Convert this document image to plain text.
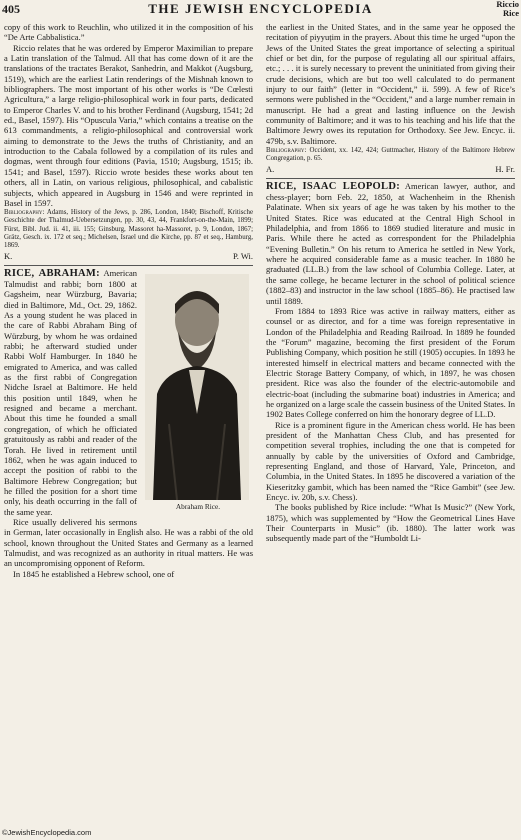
405	THE JEWISH ENCYCLOPEDIA	Riccio
Rice

copy of this work to Reuchlin, who utilized it in the composition of his “De Arte Cabbalistica.”

Riccio relates that he was ordered by Emperor Maximilian to prepare a Latin translation of the Talmud. All that has come down of it are the translations of the tractates Berakot, Sanhedrin, and Makkot (Augsburg, 1519), which are the earliest Latin renderings of the Mishnah known to bibliographers. The most important of his other works is “De Cœlesti Agricultura,” a large religio-philosophical work in four parts, dedicated to Emperor Charles V. and to his brother Ferdinand (Augsburg, 1541; 2d ed., Basel, 1597). His “Opuscula Varia,” which contains a treatise on the 613 commandments, a religio-philosophical and controversial work aiming to demonstrate to the Jews the truths of Christianity, and an introduction to the Cabala followed by a compilation of its rules and dogmas, went through four editions (Pavia, 1510; Augsburg, 1515; ib. 1541; and Basel, 1597). Riccio wrote besides these works about ten others, all in Latin, on various religious, philosophical, and cabalistic subjects, which appeared in Augsburg in 1546 and were reprinted in Basel in 1597.

Bibliography: Adams, History of the Jews, p. 286, London, 1840; Bischoff, Kritische Geschichte der Thalmud-Uebersetzungen, pp. 30, 43, 44, Frankfort-on-the-Main, 1899; Fürst, Bibl. Jud. ii. 41, iii. 155; Ginsburg, Massoret ha-Massoret, p. 9, London, 1867; Grätz, Gesch. ix. 172 et seq.; Michelsen, Israel und die Kirche, pp. 87 et seq., Hamburg, 1869.

K.	P. Wi.

Abraham Rice.
RICE, ABRAHAM: American Talmudist and rabbi; born 1800 at Gagsheim, near Würzburg, Bavaria; died in Baltimore, Md., Oct. 29, 1862. As a young student he was placed in the care of Rabbi Abraham Bing of Würzburg, by whom he was ordained rabbi; he afterward studied under Rabbi Wolf Hamburger. In 1840 he emigrated to America, and was called as the first rabbi of Congregation Nidche Israel at Baltimore. He held this position until 1849, when he resigned and became a merchant. About this time he founded a small congregation, of which he officiated gratuitously as rabbi and reader of the Torah. He lived in retirement until 1862, when he was again induced to accept the position of rabbi to the Baltimore Hebrew Congregation; but he filled the position for a short time only, his death occurring in the fall of the same year.

Rice usually delivered his sermons in German, later occasionally in English also. He was a rabbi of the old school, known throughout the United States and Germany as a learned Talmudist, and was recognized as an authority in ritual matters. He was an uncompromising opponent of Reform.

In 1845 he established a Hebrew school, one of

the earliest in the United States, and in the same year he opposed the recitation of piyyuṭim in the prayers. About this time he urged “upon the Jews of the United States the great importance of selecting a spiritual chief or bet din, for the purpose of regulating all our spiritual affairs, etc.; . . . it is surely necessary to prevent the uninitiated from giving their crude decisions, which are but too well calculated to do permanent injury to our faith” (letter in “Occident,” ii. 599). A few of Rice’s sermons were published in the “Occident,” and a large number remain in manuscript. He had a great and lasting influence on the Jewish community of Baltimore; and it was to his teaching and his life that the Baltimore Jewry owes its reputation for Orthodoxy. See Jew. Encyc. ii. 479b, s.v. Baltimore.

Bibliography: Occident, xx. 142, 424; Guttmacher, History of the Baltimore Hebrew Congregation, p. 65.

A.	H. Fr.

RICE, ISAAC LEOPOLD: American lawyer, author, and chess-player; born Feb. 22, 1850, at Wachenheim in the Rhenish Palatinate. When six years of age he was taken by his mother to the United States. Rice was educated at the Central High School in Philadelphia, and from 1866 to 1869 studied literature and music in Paris. While there he acted as correspondent for the Philadelphia “Evening Bulletin.” On his return to America he settled in New York, where he acquired considerable fame as a music teacher. In 1880 he graduated (LL.B.) from the law school of Columbia College. Later, at the same college, he became lecturer in the school of political science (1882–83) and instructor in the law school (1885–86). He practised law until 1889.

From 1884 to 1893 Rice was active in railway matters, either as counsel or as director, and for a time was foreign representative in London of the Philadelphia and Reading Railroad. In 1889 he founded the “Forum” magazine, becoming the first president of the Forum Publishing Company, which position he still (1905) occupies. In 1893 he interested himself in electrical matters and became connected with the Electric Storage Battery Company, of which, in 1897, he was chosen president. Rice was also the founder of the electric-automobile and electric-boat (including the submarine boat) industries in America; and he organized on a large scale the cassein business of the United States. In 1902 Bates College conferred on him the honorary degree of LL.D.

Rice is a prominent figure in the American chess world. He has been president of the Manhattan Chess Club, and has presented for competition several trophies, including the one that is competed for annually by cable by the universities of Oxford and Cambridge, representing England, and those of Harvard, Yale, Princeton, and Columbia, in the United States. In 1895 he discovered a variation of the Kieseritzky gambit, which has been named the “Rice Gambit” (see Jew. Encyc. iv. 20b, s.v. Chess).

The books published by Rice include: “What Is Music?” (New York, 1875), which was supplemented by “How the Geometrical Lines Have Their Counterparts in Music” (ib. 1880). The latter work was subsequently made part of the “Humboldt Li-

©JewishEncyclopedia.com
